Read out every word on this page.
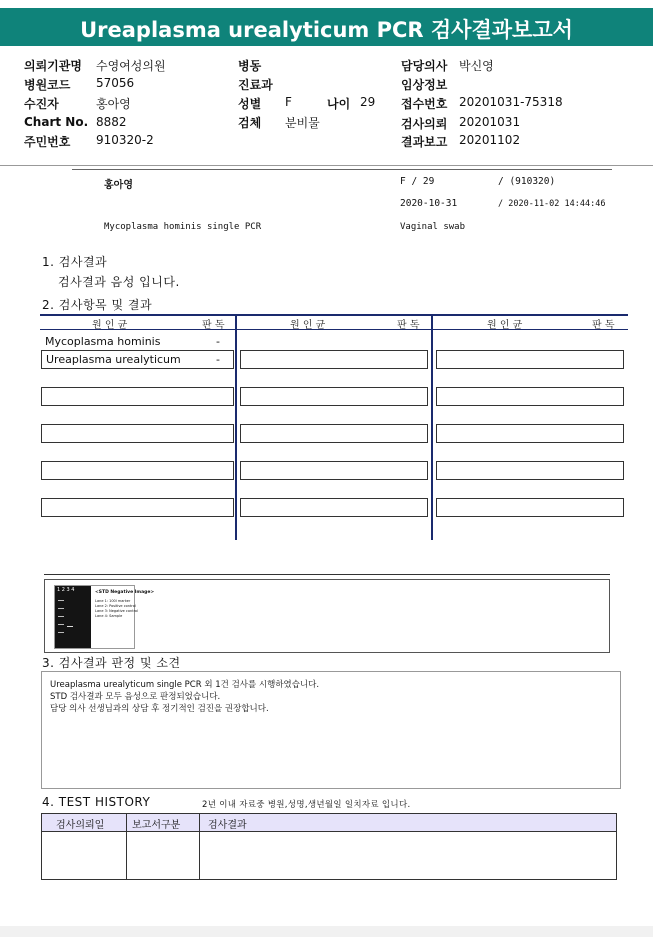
Ureaplasma urealyticum PCR 검사결과보고서
의뢰기관명 수영여성의원
병원코드 57056
수진자	홍아영
Chart No. 8882
주민번호 910320-2
병동
진료과
성별 F	나이 29
검체 분비물
담당의사 박신영
임상정보
접수번호 20201031-75318
검사의뢰 20201031
결과보고 20201102
홍아영	F / 29	/ (910320)
2020-10-31	/ 2020-11-02 14:44:46
Mycoplasma hominis single PCR	Vaginal swab
1. 검사결과
검사결과 음성 입니다.
2. 검사항목 및 결과
원 인 균	판 독	원 인 균	판 독	원 인 균	판 독
Mycoplasma hominis	-
Ureaplasma urealyticum	-
1 2 3 4	<STD Negative Image>
Lane 1: 100l marker
Lane 2: Positive control
Lane 3: Negative control
Lane 4: Sample
3. 검사결과 판정 및 소견
Ureaplasma urealyticum single PCR 외 1건 검사를 시행하였습니다.
STD 검사결과 모두 음성으로 판정되었습니다.
담당 의사 선생님과의 상담 후 정기적인 검진을 권장합니다.
4. TEST HISTORY	2년 이내 자료중 병원,성명,생년월일 일치자료 입니다.
검사의뢰일	보고서구분	검사결과
